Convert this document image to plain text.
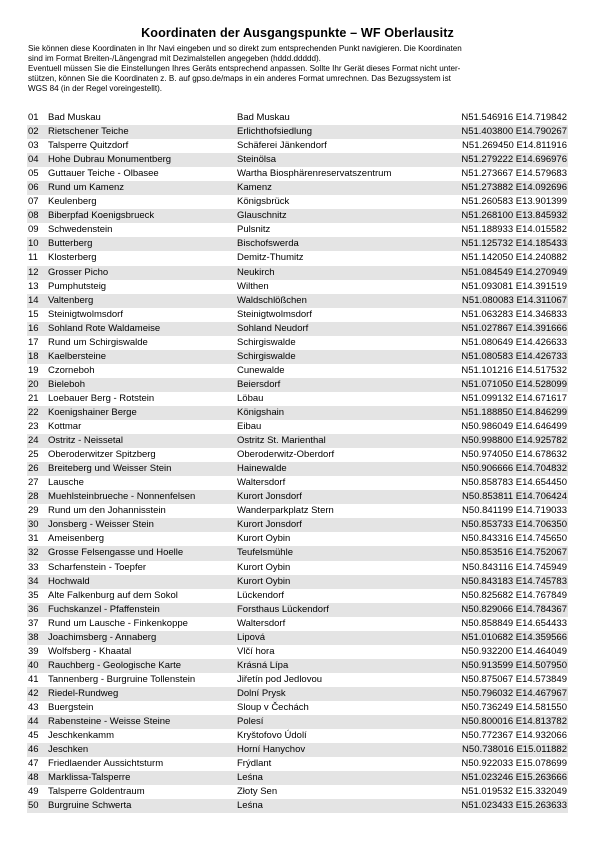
Koordinaten der Ausgangspunkte – WF Oberlausitz

Sie können diese Koordinaten in Ihr Navi eingeben und so direkt zum entsprechenden Punkt navigieren. Die Koordinaten

sind im Format Breiten-/Längengrad mit Dezimalstellen angegeben (hddd.ddddd).

Eventuell müssen Sie die Einstellungen Ihres Geräts entsprechend anpassen. Sollte Ihr Gerät dieses Format nicht unter-

stützen, können Sie die Koordinaten z. B. auf gpso.de/maps in ein anderes Format umrechnen. Das Bezugssystem ist

WGS 84 (in der Regel voreingestellt).

01 Bad Muskau	Bad Muskau	N51.546916 E14.719842
02 Rietschener Teiche	Erlichthofsiedlung	N51.403800 E14.790267
03 Talsperre Quitzdorf	Schäferei Jänkendorf	N51.269450 E14.811916
04 Hohe Dubrau Monumentberg	Steinölsa	N51.279222 E14.696976
05 Guttauer Teiche - Olbasee	Wartha Biosphärenreservatszentrum	N51.273667 E14.579683
06 Rund um Kamenz	Kamenz	N51.273882 E14.092696
07 Keulenberg	Königsbrück	N51.260583 E13.901399
08 Biberpfad Koenigsbrueck	Glauschnitz	N51.268100 E13.845932
09 Schwedenstein	Pulsnitz	N51.188933 E14.015582
10 Butterberg	Bischofswerda	N51.125732 E14.185433
11 Klosterberg	Demitz-Thumitz	N51.142050 E14.240882
12 Grosser Picho	Neukirch	N51.084549 E14.270949
13 Pumphutsteig	Wilthen	N51.093081 E14.391519
14 Valtenberg	Waldschlößchen	N51.080083 E14.311067
15 Steinigtwolmsdorf	Steinigtwolmsdorf	N51.063283 E14.346833
16 Sohland Rote Waldameise	Sohland Neudorf	N51.027867 E14.391666
17 Rund um Schirgiswalde	Schirgiswalde	N51.080649 E14.426633
18 Kaelbersteine	Schirgiswalde	N51.080583 E14.426733
19 Czorneboh	Cunewalde	N51.101216 E14.517532
20 Bieleboh	Beiersdorf	N51.071050 E14.528099
21 Loebauer Berg - Rotstein	Löbau	N51.099132 E14.671617
22 Koenigshainer Berge	Königshain	N51.188850 E14.846299
23 Kottmar	Eibau	N50.986049 E14.646499
24 Ostritz - Neissetal	Ostritz St. Marienthal	N50.998800 E14.925782
25 Oberoderwitzer Spitzberg	Oberoderwitz-Oberdorf	N50.974050 E14.678632
26 Breiteberg und Weisser Stein	Hainewalde	N50.906666 E14.704832
27 Lausche	Waltersdorf	N50.858783 E14.654450
28 Muehlsteinbrueche - Nonnenfelsen	Kurort Jonsdorf	N50.853811 E14.706424
29 Rund um den Johannisstein	Wanderparkplatz Stern	N50.841199 E14.719033
30 Jonsberg - Weisser Stein	Kurort Jonsdorf	N50.853733 E14.706350
31 Ameisenberg	Kurort Oybin	N50.843316 E14.745650
32 Grosse Felsengasse und Hoelle	Teufelsmühle	N50.853516 E14.752067
33 Scharfenstein - Toepfer	Kurort Oybin	N50.843116 E14.745949
34 Hochwald	Kurort Oybin	N50.843183 E14.745783
35 Alte Falkenburg auf dem Sokol	Lückendorf	N50.825682 E14.767849
36 Fuchskanzel - Pfaffenstein	Forsthaus Lückendorf	N50.829066 E14.784367
37 Rund um Lausche - Finkenkoppe	Waltersdorf	N50.858849 E14.654433
38 Joachimsberg - Annaberg	Lipová	N51.010682 E14.359566
39 Wolfsberg - Khaatal	Vlčí hora	N50.932200 E14.464049
40 Rauchberg - Geologische Karte	Krásná Lípa	N50.913599 E14.507950
41 Tannenberg - Burgruine Tollenstein	Jiřetín pod Jedlovou	N50.875067 E14.573849
42 Riedel-Rundweg	Dolní Prysk	N50.796032 E14.467967
43 Buergstein	Sloup v Čechách	N50.736249 E14.581550
44 Rabensteine - Weisse Steine	Polesí	N50.800016 E14.813782
45 Jeschkenkamm	Kryštofovo Údolí	N50.772367 E14.932066
46 Jeschken	Horní Hanychov	N50.738016 E15.011882
47 Friedlaender Aussichtsturm	Frýdlant	N50.922033 E15.078699
48 Marklissa-Talsperre	Leśna	N51.023246 E15.263666
49 Talsperre Goldentraum	Złoty Sen	N51.019532 E15.332049
50 Burgruine Schwerta	Leśna	N51.023433 E15.263633
